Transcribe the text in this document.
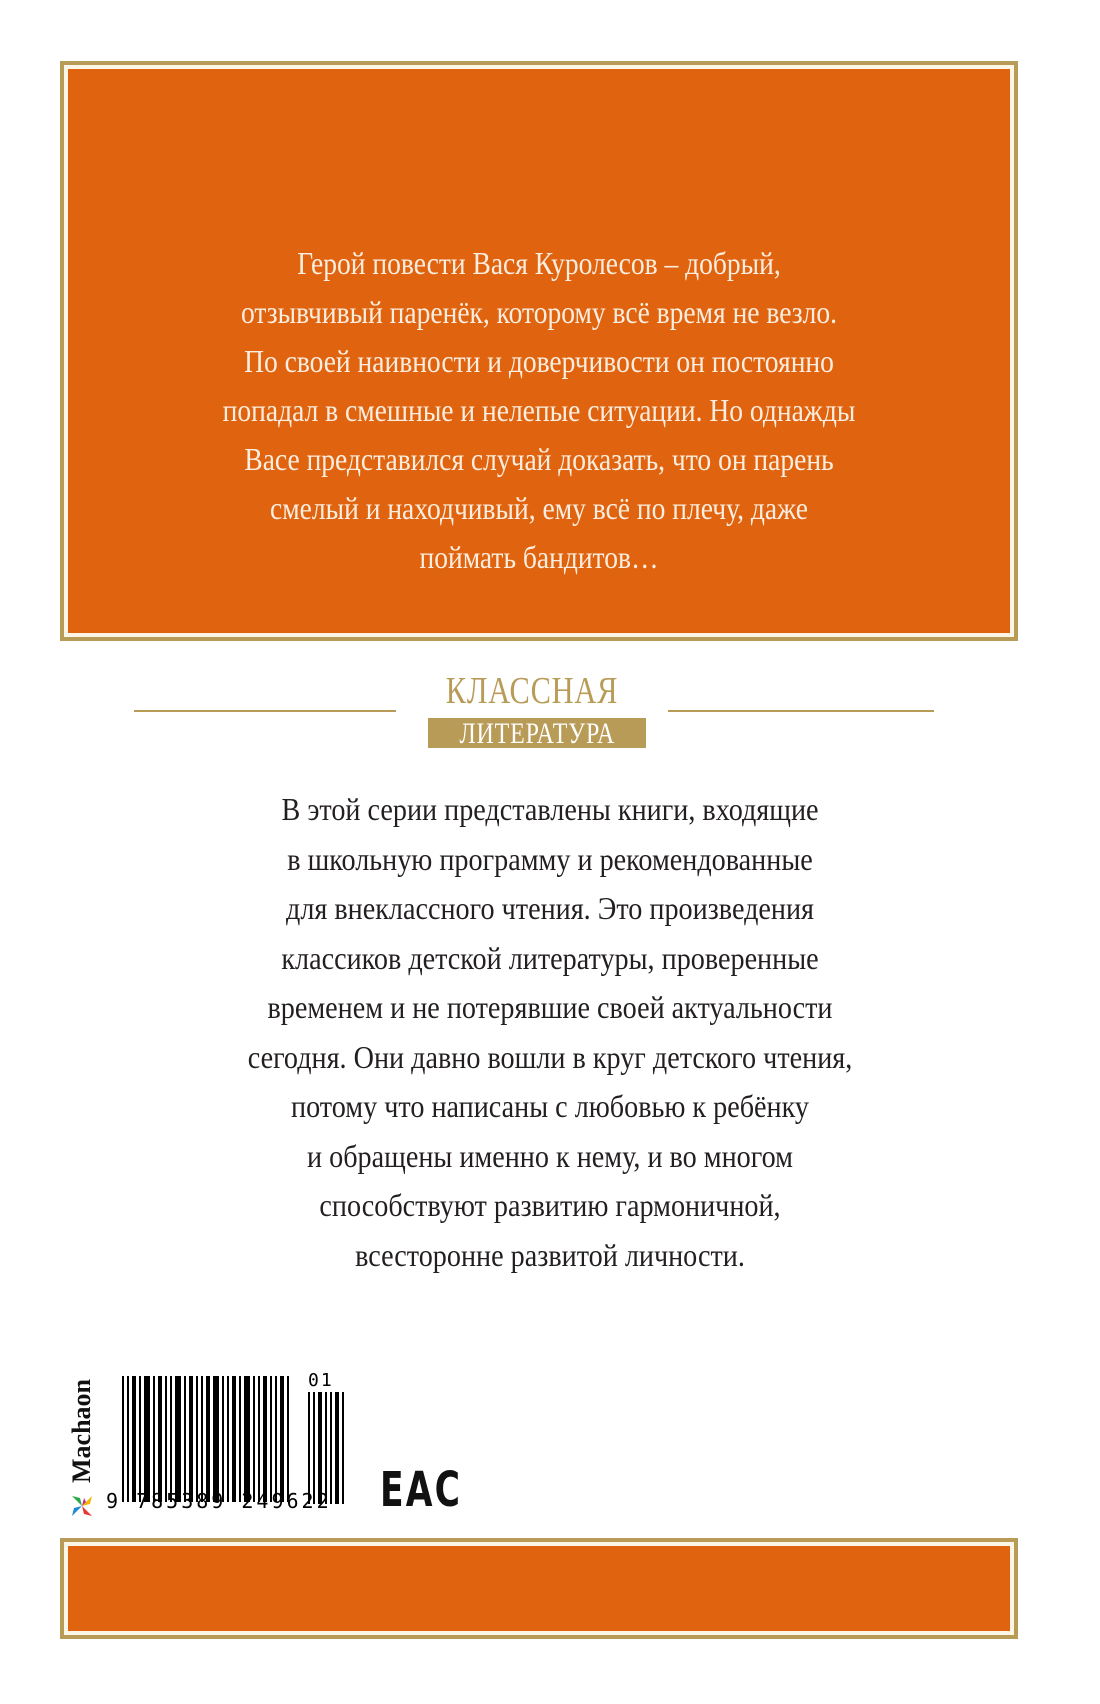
Герой повести Вася Куролесов – добрый,
отзывчивый паренёк, которому всё время не везло.
По своей наивности и доверчивости он постоянно
попадал в смешные и нелепые ситуации. Но однажды
Васе представился случай доказать, что он парень
смелый и находчивый, ему всё по плечу, даже
поймать бандитов…
КЛАССНАЯ
ЛИТЕРАТУРА
В этой серии представлены книги, входящие
в школьную программу и рекомендованные
для внеклассного чтения. Это произведения
классиков детской литературы, проверенные
временем и не потерявшие своей актуальности
сегодня. Они давно вошли в круг детского чтения,
потому что написаны с любовью к ребёнку
и обращены именно к нему, и во многом
способствуют развитию гармоничной,
всесторонне развитой личности.
Machaon
9 785389 249622
01
EAC
